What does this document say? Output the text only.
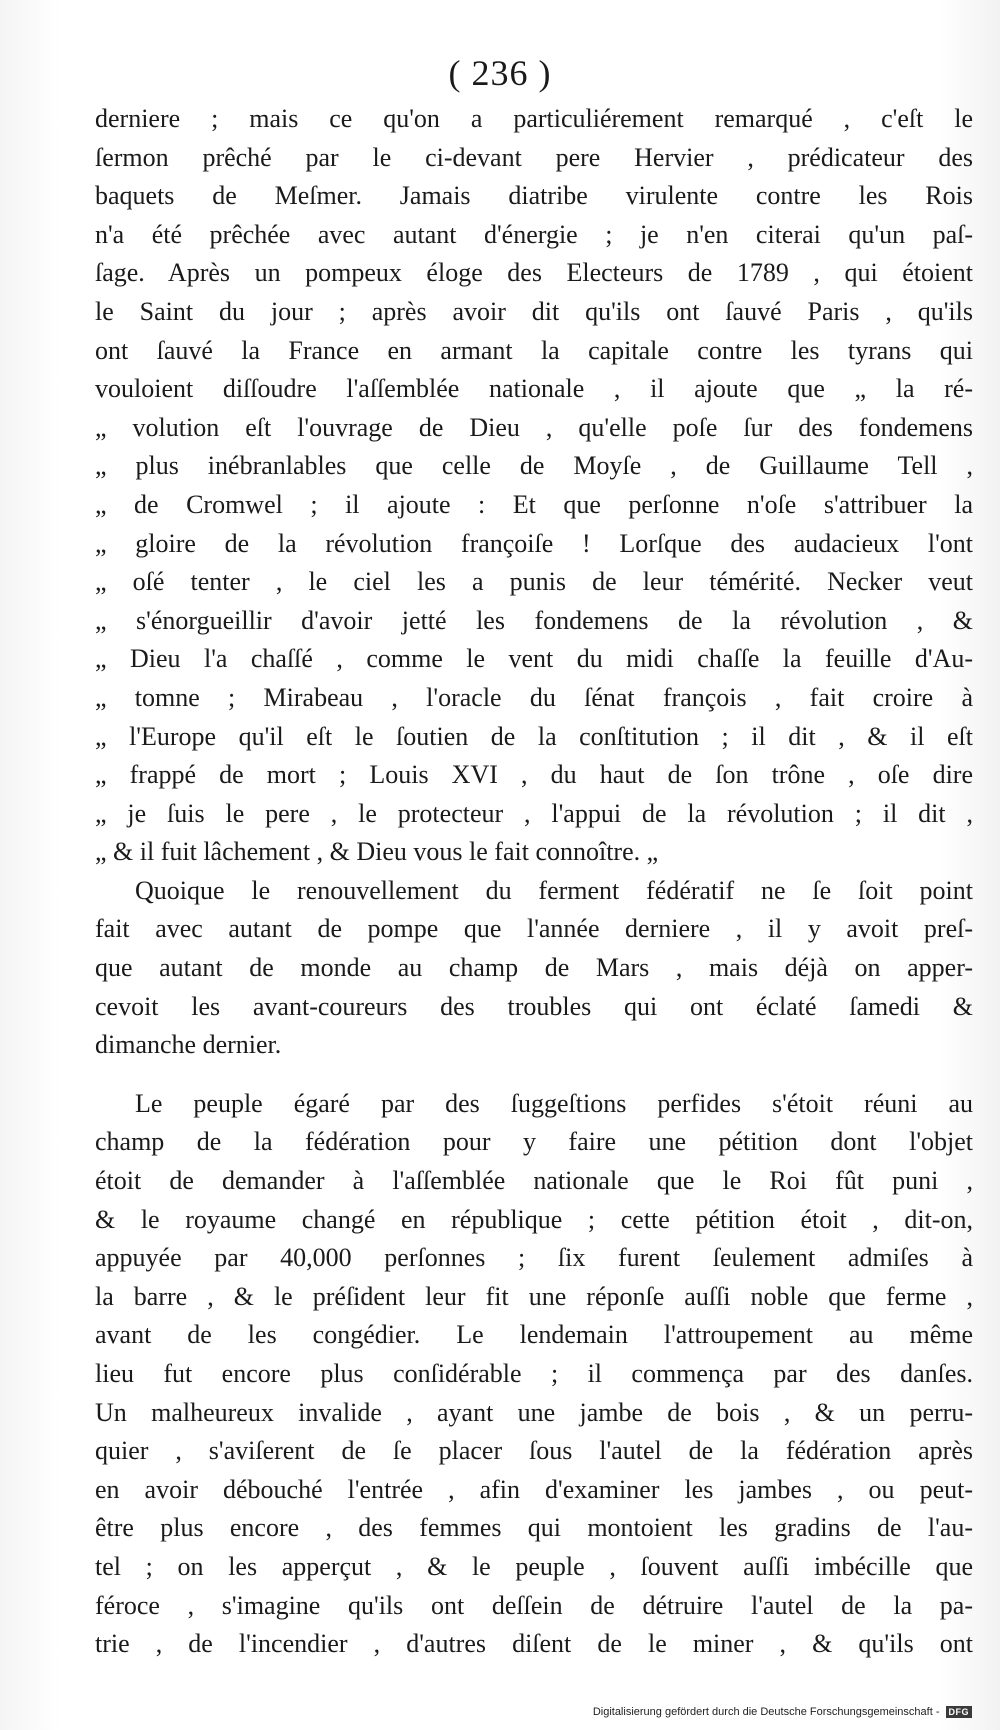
( 236 )
derniere ; mais ce qu'on a particuliérement remarqué , c'eſt le
ſermon prêché par le ci-devant pere Hervier , prédicateur des
baquets de Meſmer. Jamais diatribe virulente contre les Rois
n'a été prêchée avec autant d'énergie ; je n'en citerai qu'un paſ-
ſage. Après un pompeux éloge des Electeurs de 1789 , qui étoient
le Saint du jour ; après avoir dit qu'ils ont ſauvé Paris , qu'ils
ont ſauvé la France en armant la capitale contre les tyrans qui
vouloient diſſoudre l'aſſemblée nationale , il ajoute que „ la ré-
„ volution eſt l'ouvrage de Dieu , qu'elle poſe ſur des fondemens
„ plus inébranlables que celle de Moyſe , de Guillaume Tell ,
„ de Cromwel ; il ajoute : Et que perſonne n'oſe s'attribuer la
„ gloire de la révolution françoiſe ! Lorſque des audacieux l'ont
„ oſé tenter , le ciel les a punis de leur témérité. Necker veut
„ s'énorgueillir d'avoir jetté les fondemens de la révolution , &
„ Dieu l'a chaſſé , comme le vent du midi chaſſe la feuille d'Au-
„ tomne ; Mirabeau , l'oracle du ſénat françois , fait croire à
„ l'Europe qu'il eſt le ſoutien de la conſtitution ; il dit , & il eſt
„ frappé de mort ; Louis XVI , du haut de ſon trône , oſe dire
„ je ſuis le pere , le protecteur , l'appui de la révolution ; il dit ,
„ & il fuit lâchement , & Dieu vous le fait connoître. „
Quoique le renouvellement du ferment fédératif ne ſe ſoit point
fait avec autant de pompe que l'année derniere , il y avoit preſ-
que autant de monde au champ de Mars , mais déjà on apper-
cevoit les avant-coureurs des troubles qui ont éclaté ſamedi &
dimanche dernier.
Le peuple égaré par des ſuggeſtions perfides s'étoit réuni au
champ de la fédération pour y faire une pétition dont l'objet
étoit de demander à l'aſſemblée nationale que le Roi fût puni ,
& le royaume changé en république ; cette pétition étoit , dit-on,
appuyée par 40,000 perſonnes ; ſix furent ſeulement admiſes à
la barre , & le préſident leur fit une réponſe auſſi noble que ferme ,
avant de les congédier. Le lendemain l'attroupement au même
lieu fut encore plus conſidérable ; il commença par des danſes.
Un malheureux invalide , ayant une jambe de bois , & un perru-
quier , s'aviſerent de ſe placer ſous l'autel de la fédération après
en avoir débouché l'entrée , afin d'examiner les jambes , ou peut-
être plus encore , des femmes qui montoient les gradins de l'au-
tel ; on les apperçut , & le peuple , ſouvent auſſi imbécille que
féroce , s'imagine qu'ils ont deſſein de détruire l'autel de la pa-
trie , de l'incendier , d'autres diſent de le miner , & qu'ils ont
Digitalisierung gefördert durch die Deutsche Forschungsgemeinschaft -	DFG
